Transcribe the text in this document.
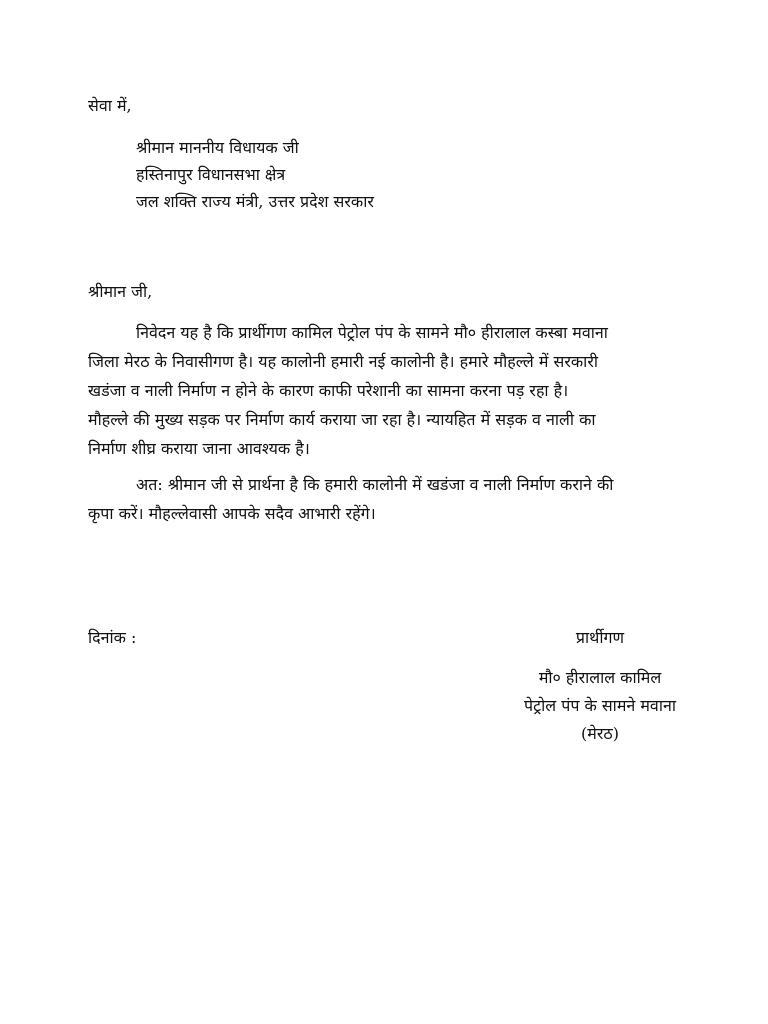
सेवा में,
श्रीमान माननीय विधायक जी
हस्तिनापुर विधानसभा क्षेत्र
जल शक्ति राज्य मंत्री, उत्तर प्रदेश सरकार
श्रीमान जी,
निवेदन यह है कि प्रार्थीगण कामिल पेट्रोल पंप के सामने मौ० हीरालाल कस्बा मवाना
जिला मेरठ के निवासीगण है। यह कालोनी हमारी नई कालोनी है। हमारे मौहल्ले में सरकारी
खडंजा व नाली निर्माण न होने के कारण काफी परेशानी का सामना करना पड़ रहा है।
मौहल्ले की मुख्य सड़क पर निर्माण कार्य कराया जा रहा है। न्यायहित में सड़क व नाली का
निर्माण शीघ्र कराया जाना आवश्यक है।
अत: श्रीमान जी से प्रार्थना है कि हमारी कालोनी में खडंजा व नाली निर्माण कराने की
कृपा करें। मौहल्लेवासी आपके सदैव आभारी रहेंगे।
दिनांक :	प्रार्थीगण
मौ० हीरालाल कामिल
पेट्रोल पंप के सामने मवाना
(मेरठ)
